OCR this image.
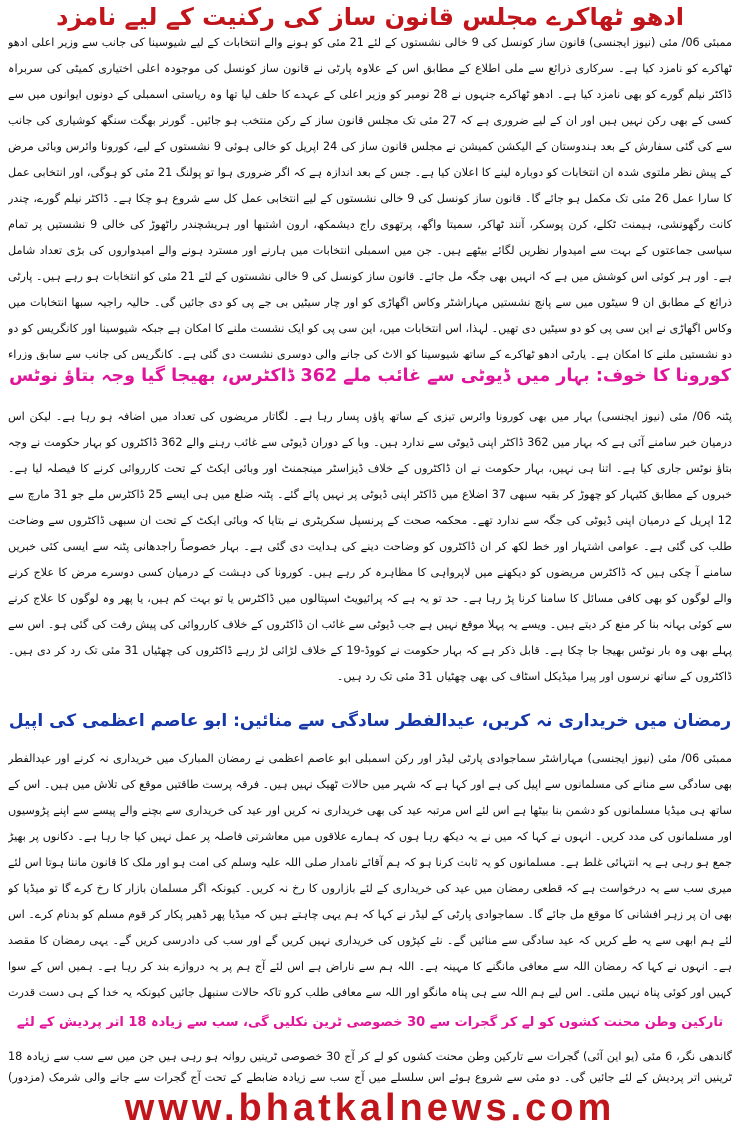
ادھو ٹھاکرے مجلس قانون ساز کی رکنیت کے لیے نامزد
ممبئی 06/ مئی (نیوز ایجنسی) قانون ساز کونسل کی 9 خالی نشستوں کے لئے 21 مئی کو ہونے والے انتخابات کے لیے شیوسینا کی جانب سے وزیر اعلی ادھو ٹھاکرے کو نامزد کیا ہے۔ سرکاری ذرائع سے ملی اطلاع کے مطابق اس کے علاوہ پارٹی نے قانون ساز کونسل کی موجودہ اعلی اختیاری کمیٹی کی سربراہ ڈاکٹر نیلم گورے کو بھی نامزد کیا ہے۔ ادھو ٹھاکرے جنہوں نے 28 نومبر کو وزیر اعلی کے عہدے کا حلف لیا تھا وہ ریاستی اسمبلی کے دونوں ایوانوں میں سے کسی کے بھی رکن نہیں ہیں اور ان کے لیے ضروری ہے کہ 27 مئی تک مجلس قانون ساز کے رکن منتخب ہو جائیں۔ گورنر بھگت سنگھ کوشیاری کی جانب سے کی گئی سفارش کے بعد ہندوستان کے الیکشن کمیشن نے مجلس قانون ساز کی 24 اپریل کو خالی ہوئی 9 نشستوں کے لیے، کورونا وائرس وبائی مرض کے پیش نظر ملتوی شدہ ان انتخابات کو دوبارہ لینے کا اعلان کیا ہے۔ جس کے بعد اندازہ ہے کہ اگر ضروری ہوا تو پولنگ 21 مئی کو ہوگی، اور انتخابی عمل کا سارا عمل 26 مئی تک مکمل ہو جائے گا۔ قانون ساز کونسل کی 9 خالی نشستوں کے لیے انتخابی عمل کل سے شروع ہو چکا ہے۔ ڈاکٹر نیلم گورے، چندر کانت رگھونشی، ہیمنت ٹکلے، کرن پوسکر، آنند ٹھاکر، سمیتا واگھ، پرتھوی راج دیشمکھ، ارون اشتبھا اور ہریشچندر راٹھوڑ کی خالی 9 نشستیں پر تمام سیاسی جماعتوں کے بہت سے امیدوار نظریں لگائے بیٹھے ہیں۔ جن میں اسمبلی انتخابات میں ہارنے اور مسترد ہونے والے امیدواروں کی بڑی تعداد شامل ہے۔ اور ہر کوئی اس کوشش میں ہے کہ انہیں بھی جگہ مل جائے۔ قانون ساز کونسل کی 9 خالی نشستوں کے لئے 21 مئی کو انتخابات ہو رہے ہیں۔ پارٹی ذرائع کے مطابق ان 9 سیٹوں میں سے پانچ نشستیں مہاراشٹر وکاس اگھاڑی کو اور چار سیٹیں بی جے پی کو دی جائیں گی۔ حالیہ راجیہ سبھا انتخابات میں وکاس اگھاڑی نے این سی پی کو دو سیٹیں دی تھیں۔ لہذا، اس انتخابات میں، این سی پی کو ایک نشست ملنے کا امکان ہے جبکہ شیوسینا اور کانگریس کو دو دو نشستیں ملنے کا امکان ہے۔ پارٹی ادھو ٹھاکرے کے ساتھ شیوسینا کو الاٹ کی جانے والی دوسری نشست دی گئی ہے۔ کانگریس کی جانب سے سابق وزراء
کورونا کا خوف: بہار میں ڈیوٹی سے غائب ملے 362 ڈاکٹرس، بھیجا گیا وجہ بتاؤ نوٹس
پٹنہ 06/ مئی (نیوز ایجنسی) بہار میں بھی کورونا وائرس تیزی کے ساتھ پاؤں پسار رہا ہے۔ لگاتار مریضوں کی تعداد میں اضافہ ہو رہا ہے۔ لیکن اس درمیان خبر سامنے آئی ہے کہ بہار میں 362 ڈاکٹر اپنی ڈیوٹی سے ندارد ہیں۔ وبا کے دوران ڈیوٹی سے غائب رہنے والے 362 ڈاکٹروں کو بہار حکومت نے وجہ بتاؤ نوٹس جاری کیا ہے۔ اتنا ہی نہیں، بہار حکومت نے ان ڈاکٹروں کے خلاف ڈیزاسٹر مینجمنٹ اور وبائی ایکٹ کے تحت کارروائی کرنے کا فیصلہ لیا ہے۔ خبروں کے مطابق کٹیہار کو چھوڑ کر بقیہ سبھی 37 اضلاع میں ڈاکٹر اپنی ڈیوٹی پر نہیں پائے گئے۔ پٹنہ ضلع میں ہی ایسے 25 ڈاکٹرس ملے جو 31 مارچ سے 12 اپریل کے درمیان اپنی ڈیوٹی کی جگہ سے ندارد تھے۔ محکمہ صحت کے پرنسپل سکریٹری نے بتایا کہ وبائی ایکٹ کے تحت ان سبھی ڈاکٹروں سے وضاحت طلب کی گئی ہے۔ عوامی اشتہار اور خط لکھ کر ان ڈاکٹروں کو وضاحت دینے کی ہدایت دی گئی ہے۔ بہار خصوصاً راجدھانی پٹنہ سے ایسی کئی خبریں سامنے آ چکی ہیں کہ ڈاکٹرس مریضوں کو دیکھنے میں لاپرواہی کا مظاہرہ کر رہے ہیں۔ کورونا کی دہشت کے درمیان کسی دوسرے مرض کا علاج کرنے والے لوگوں کو بھی کافی مسائل کا سامنا کرنا پڑ رہا ہے۔ حد تو یہ ہے کہ پرائیویٹ اسپتالوں میں ڈاکٹرس یا تو بہت کم ہیں، یا پھر وہ لوگوں کا علاج کرنے سے کوئی بہانہ بنا کر منع کر دیتے ہیں۔ ویسے یہ پہلا موقع نہیں ہے جب ڈیوٹی سے غائب ان ڈاکٹروں کے خلاف کارروائی کی پیش رفت کی گئی ہو۔ اس سے پہلے بھی وہ بار نوٹس بھیجا جا چکا ہے۔ قابل ذکر ہے کہ بہار حکومت نے کووڈ-19 کے خلاف لڑائی لڑ رہے ڈاکٹروں کی چھٹیاں 31 مئی تک رد کر دی ہیں۔ ڈاکٹروں کے ساتھ نرسوں اور پیرا میڈیکل اسٹاف کی بھی چھٹیاں 31 مئی تک رد ہیں۔
رمضان میں خریداری نہ کریں، عیدالفطر سادگی سے منائیں: ابو عاصم اعظمی کی اپیل
ممبئی 06/ مئی (نیوز ایجنسی) مہاراشٹر سماجوادی پارٹی لیڈر اور رکن اسمبلی ابو عاصم اعظمی نے رمضان المبارک میں خریداری نہ کرنے اور عیدالفطر بھی سادگی سے منانے کی مسلمانوں سے اپیل کی ہے اور کہا ہے کہ شہر میں حالات ٹھیک نہیں ہیں۔ فرقہ پرست طاقتیں موقع کی تلاش میں ہیں۔ اس کے ساتھ ہی میڈیا مسلمانوں کو دشمن بنا بیٹھا ہے اس لئے اس مرتبہ عید کی بھی خریداری نہ کریں اور عید کی خریداری سے بچنے والے پیسے سے اپنے پڑوسیوں اور مسلمانوں کی مدد کریں۔ انہوں نے کہا کہ میں نے یہ دیکھ رہا ہوں کہ ہمارے علاقوں میں معاشرتی فاصلہ پر عمل نہیں کیا جا رہا ہے۔ دکانوں پر بھیڑ جمع ہو رہی ہے یہ انتہائی غلط ہے۔ مسلمانوں کو یہ ثابت کرنا ہو کہ ہم آقائے نامدار صلی اللہ علیہ وسلم کی امت ہو اور ملک کا قانون ماننا ہوتا اس لئے میری سب سے یہ درخواست ہے کہ قطعی رمضان میں عید کی خریداری کے لئے بازاروں کا رخ نہ کریں۔ کیونکہ اگر مسلمان بازار کا رخ کرے گا تو میڈیا کو بھی ان پر زہر افشانی کا موقع مل جائے گا۔ سماجوادی پارٹی کے لیڈر نے کہا کہ ہم یہی چاہتے ہیں کہ میڈیا پھر ڈھیر پکار کر قوم مسلم کو بدنام کرے۔ اس لئے ہم ابھی سے یہ طے کریں کہ عید سادگی سے منائیں گے۔ نئے کپڑوں کی خریداری نہیں کریں گے اور سب کی دادرسی کریں گے۔ یہی رمضان کا مقصد ہے۔ انہوں نے کہا کہ رمضان اللہ سے معافی مانگنے کا مہینہ ہے۔ اللہ ہم سے ناراض ہے اس لئے آج ہم پر یہ دروازے بند کر رہا ہے۔ ہمیں اس کے سوا کہیں اور کوئی پناہ نہیں ملتی۔ اس لیے ہم اللہ سے ہی پناہ مانگو اور اللہ سے معافی طلب کرو تاکہ حالات سنبھل جائیں کیونکہ یہ خدا کے ہی دست قدرت
تارکین وطن محنت کشوں کو لے کر گجرات سے 30 خصوصی ٹرین نکلیں گی، سب سے زیادہ 18 اتر پردیش کے لئے
گاندھی نگر، 6 مئی (یو این آئی) گجرات سے تارکین وطن محنت کشوں کو لے کر آج 30 خصوصی ٹرینیں روانہ ہو رہی ہیں جن میں سے سب سے زیادہ 18 ٹرینیں اتر پردیش کے لئے جائیں گی۔ دو مئی سے شروع ہوئے اس سلسلے میں آج سب سے زیادہ ضابطے کے تحت آج گجرات سے جانے والی شرمک (مزدور)
www.bhatkalnews.com
